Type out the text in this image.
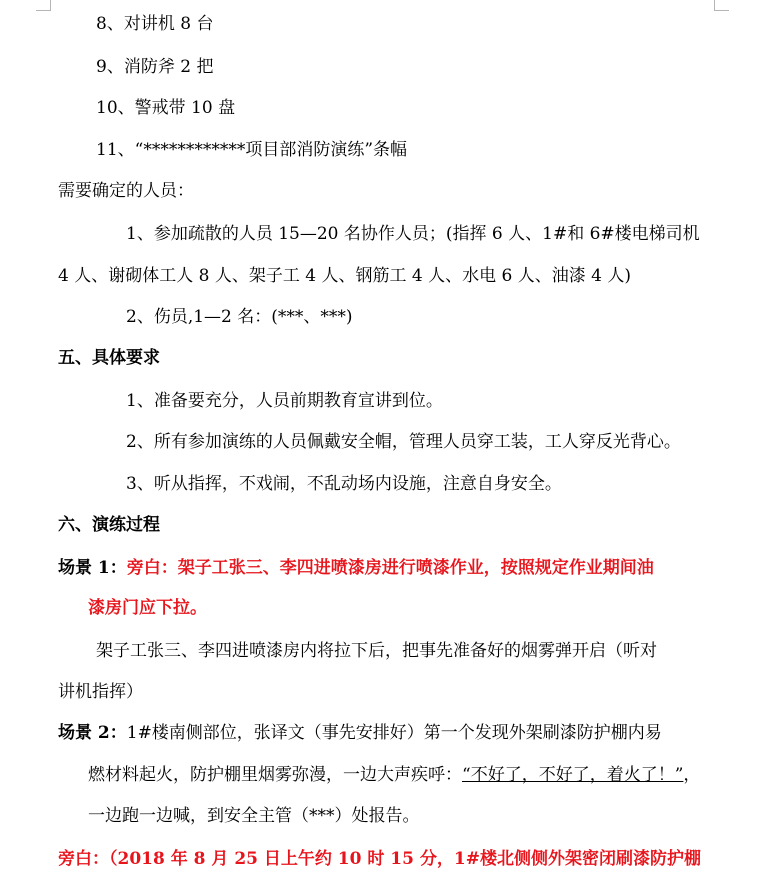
8、对讲机 8 台
9、消防斧 2 把
10、警戒带 10 盘
11、“************项目部消防演练”条幅
需要确定的人员：
1、参加疏散的人员 15—20 名协作人员；(指挥 6 人、1#和 6#楼电梯司机
4 人、谢砌体工人 8 人、架子工 4 人、钢筋工 4 人、水电 6 人、油漆 4 人)
2、伤员,1—2 名：(***、***)
五、具体要求
1、准备要充分，人员前期教育宣讲到位。
2、所有参加演练的人员佩戴安全帽，管理人员穿工装，工人穿反光背心。
3、听从指挥，不戏闹，不乱动场内设施，注意自身安全。
六、演练过程
场景 1：旁白：架子工张三、李四进喷漆房进行喷漆作业，按照规定作业期间油
漆房门应下拉。
架子工张三、李四进喷漆房内将拉下后，把事先准备好的烟雾弹开启（听对
讲机指挥）
场景 2：1#楼南侧部位，张译文（事先安排好）第一个发现外架刷漆防护棚内易
燃材料起火，防护棚里烟雾弥漫，一边大声疾呼：“不好了，不好了，着火了！”，
一边跑一边喊，到安全主管（***）处报告。
旁白：（2018 年 8 月 25 日上午约 10 时 15 分，1#楼北侧侧外架密闭刷漆防护棚
